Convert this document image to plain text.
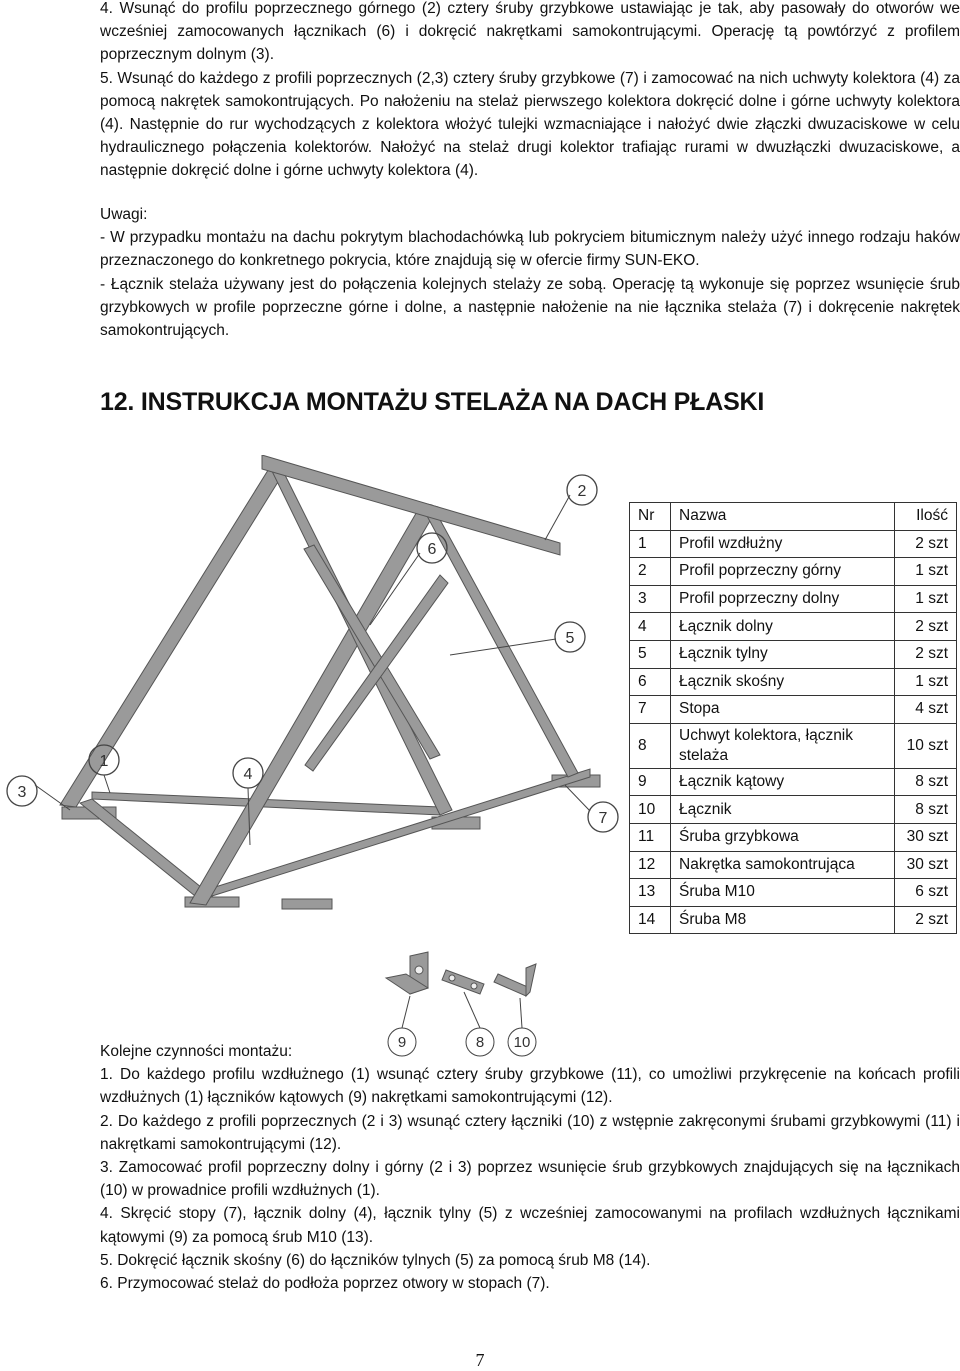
4. Wsunąć do profilu poprzecznego górnego (2) cztery śruby grzybkowe ustawiając je tak, aby pasowały do otworów we wcześniej zamocowanych łącznikach (6) i dokręcić nakrętkami samokontrującymi. Operację tą powtórzyć z profilem poprzecznym dolnym (3).

5. Wsunąć do każdego z profili poprzecznych (2,3) cztery śruby grzybkowe (7) i zamocować na nich uchwyty kolektora (4) za pomocą nakrętek samokontrujących. Po nałożeniu na stelaż pierwszego kolektora dokręcić dolne i górne uchwyty kolektora (4). Następnie do rur wychodzących z kolektora włożyć tulejki wzmacniające i nałożyć dwie złączki dwuzaciskowe w celu hydraulicznego połączenia kolektorów. Nałożyć na stelaż drugi kolektor trafiając rurami w dwuzłączki dwuzaciskowe, a następnie dokręcić dolne i górne uchwyty kolektora (4).

Uwagi:

- W przypadku montażu na dachu pokrytym blachodachówką lub pokryciem bitumicznym należy użyć innego rodzaju haków przeznaczonego do konkretnego pokrycia, które znajdują się w ofercie firmy SUN-EKO.

- Łącznik stelaża używany jest do połączenia kolejnych stelaży ze sobą. Operację tą wykonuje się poprzez wsunięcie śrub grzybkowych w profile poprzeczne górne i dolne, a następnie nałożenie na nie łącznika stelaża (7) i dokręcenie nakrętek samokontrujących.

12. INSTRUKCJA MONTAŻU STELAŻA NA DACH PŁASKI
1
2
3
4
5
6
7
Nr	Nazwa	Ilość
1	Profil wzdłużny	2 szt
2	Profil poprzeczny górny	1 szt
3	Profil poprzeczny dolny	1 szt
4	Łącznik dolny	2 szt
5	Łącznik tylny	2 szt
6	Łącznik skośny	1 szt
7	Stopa	4 szt
8	Uchwyt kolektora, łącznik stelaża	10 szt
9	Łącznik kątowy	8 szt
10	Łącznik	8 szt
11	Śruba grzybkowa	30 szt
12	Nakrętka samokontrująca	30 szt
13	Śruba M10	6 szt
14	Śruba M8	2 szt
9	8 10

Kolejne czynności montażu:

1. Do każdego profilu wzdłużnego (1) wsunąć cztery śruby grzybkowe (11), co umożliwi przykręcenie na końcach profili wzdłużnych (1) łączników kątowych (9) nakrętkami samokontrującymi (12).

2. Do każdego z profili poprzecznych (2 i 3) wsunąć cztery łączniki (10) z wstępnie zakręconymi śrubami grzybkowymi (11) i nakrętkami samokontrującymi (12).

3. Zamocować profil poprzeczny dolny i górny (2 i 3) poprzez wsunięcie śrub grzybkowych znajdujących się na łącznikach (10) w prowadnice profili wzdłużnych (1).

4. Skręcić stopy (7), łącznik dolny (4), łącznik tylny (5) z wcześniej zamocowanymi na profilach wzdłużnych łącznikami kątowymi (9) za pomocą śrub M10 (13).

5. Dokręcić łącznik skośny (6) do łączników tylnych (5) za pomocą śrub M8 (14).

6. Przymocować stelaż do podłoża poprzez otwory w stopach (7).

7
